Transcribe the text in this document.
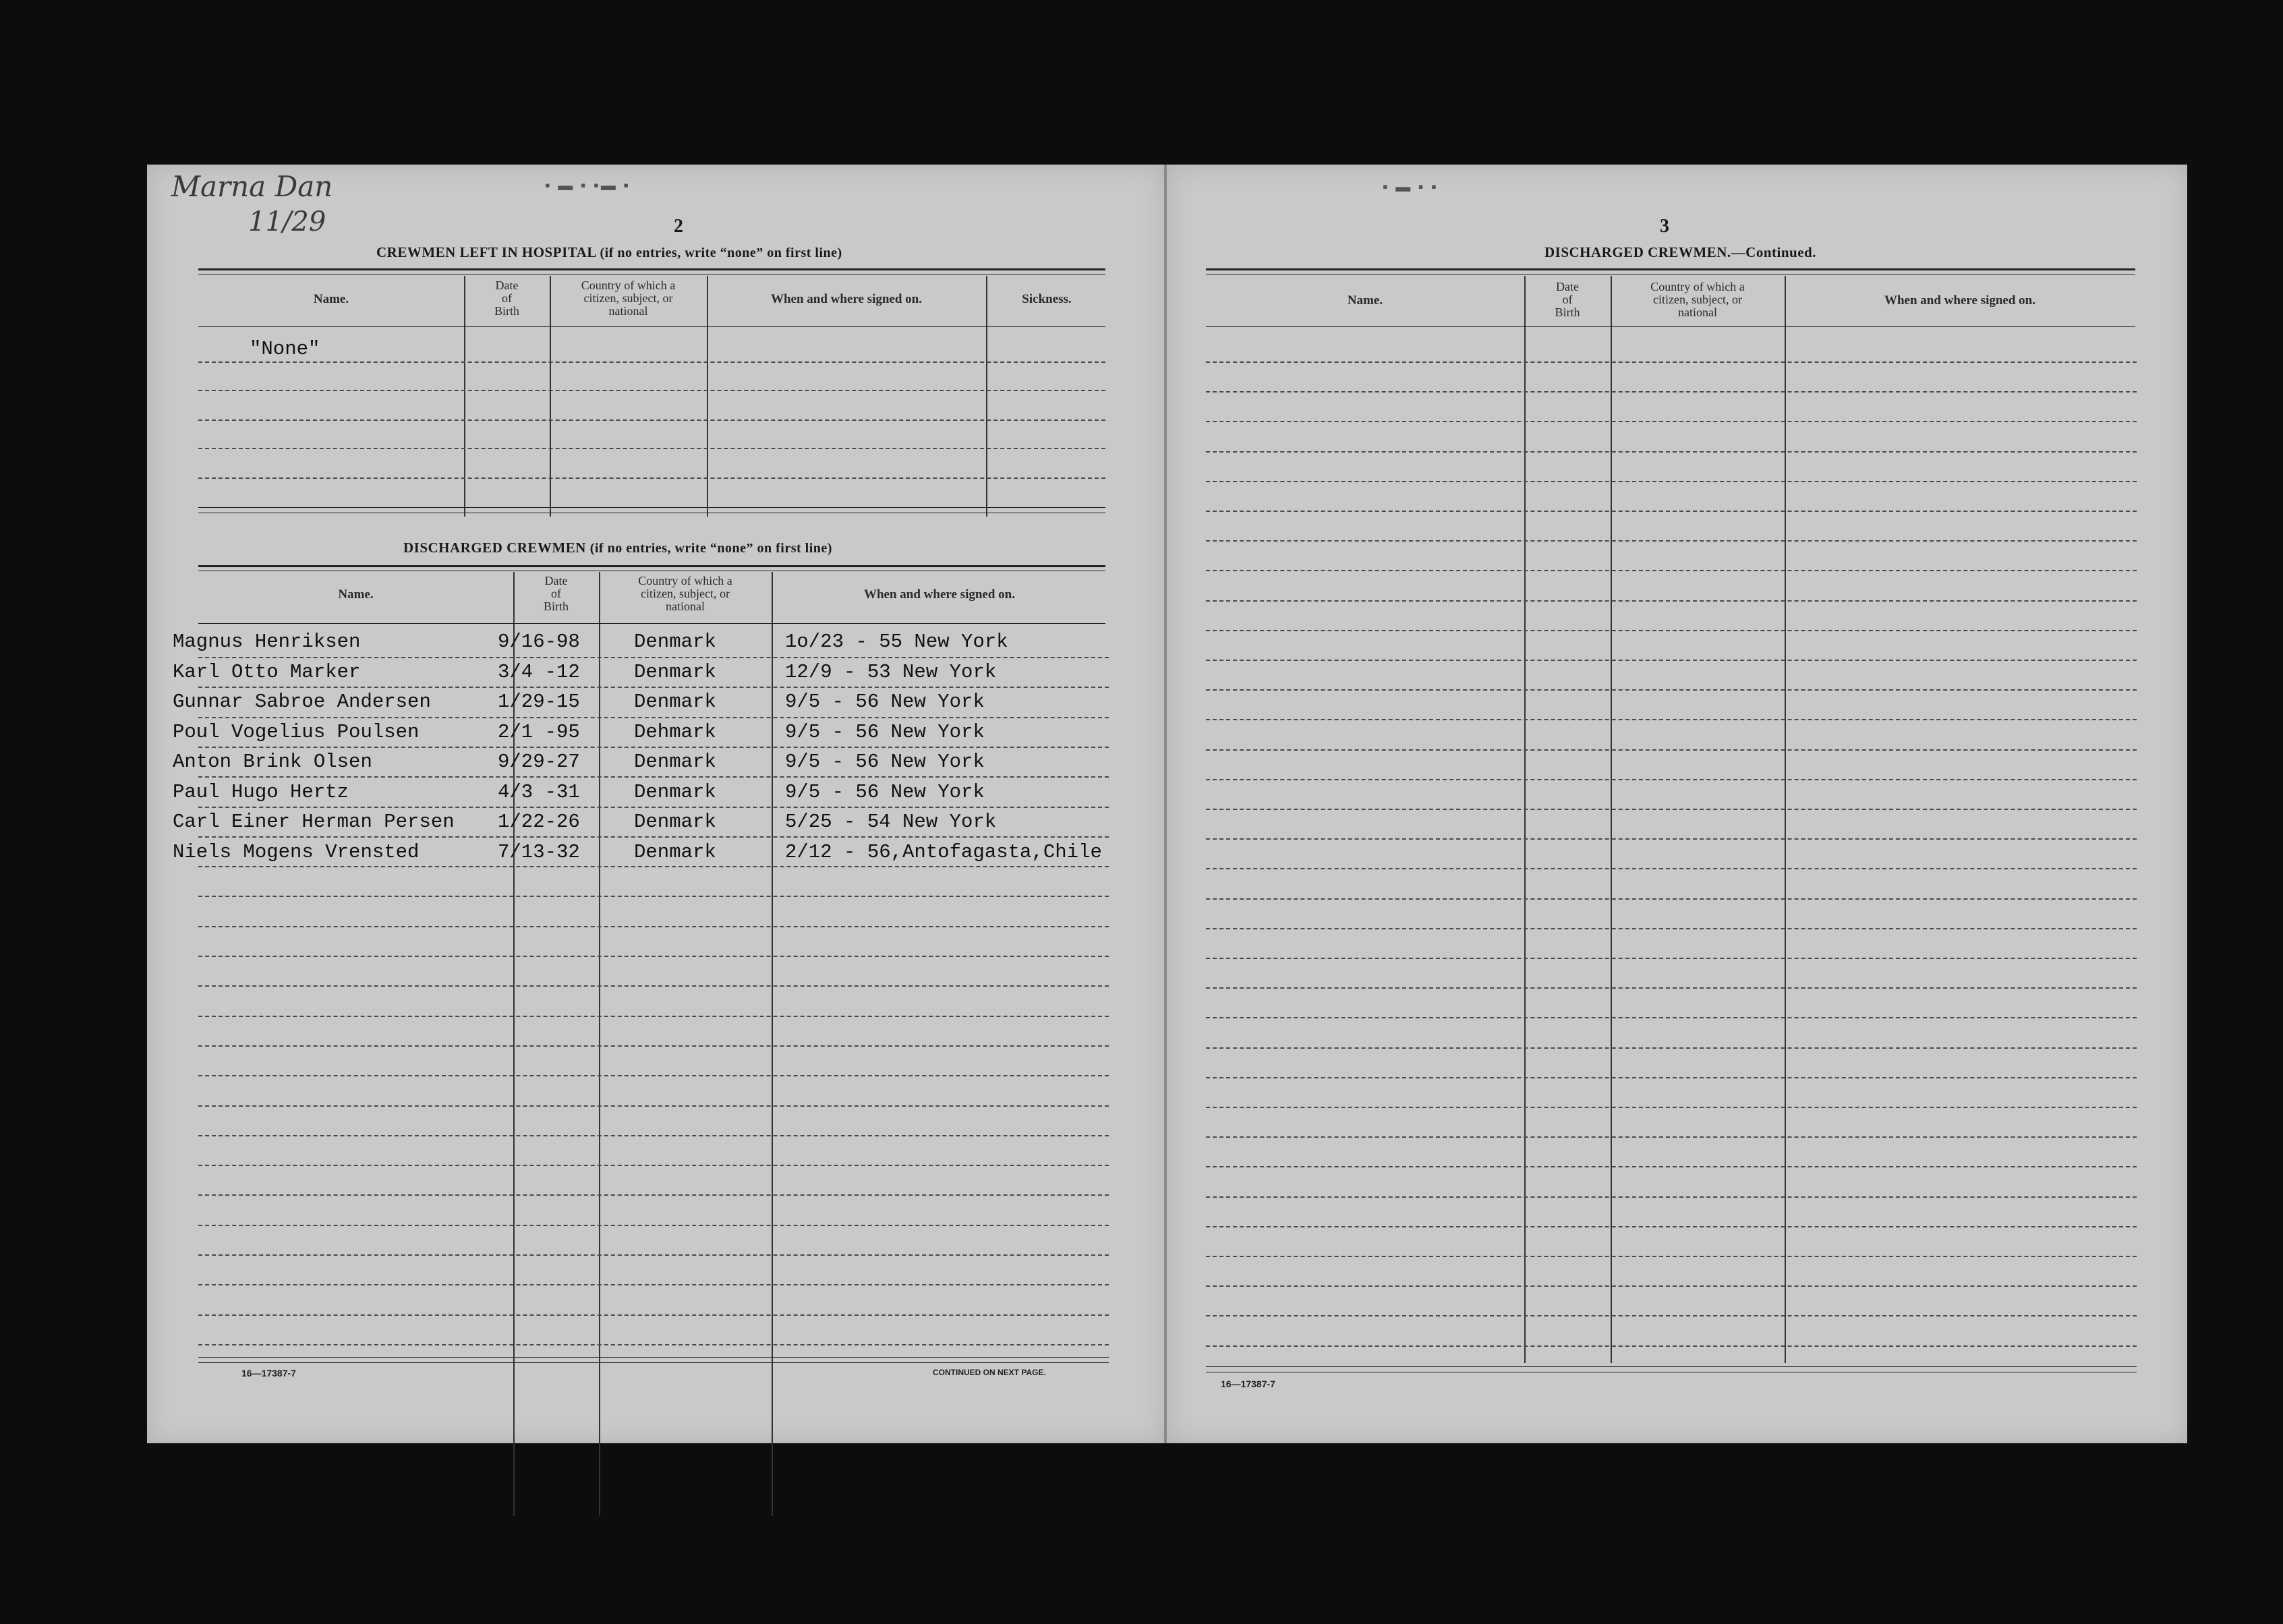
Marna Dan
11/29
▪ ▬ ▪ ▪▬ ▪
2
CREWMEN LEFT IN HOSPITAL (if no entries, write “none” on first line)
Name.
Date
of
Birth
Country of which a
citizen, subject, or
national
When and where signed on.	Sickness.
"None"
DISCHARGED CREWMEN (if no entries, write “none” on first line)
Name.
Date
of
Birth
Country of which a
citizen, subject, or
national
When and where signed on.
Magnus Henriksen	9/16-98	Denmark	1o/23 - 55 New York
Karl Otto Marker	3/4 -12	Denmark	12/9 - 53 New York
Gunnar Sabroe Andersen	1/29-15	Denmark	9/5 - 56 New York
Poul Vogelius Poulsen	2/1 -95	Dehmark	9/5 - 56 New York
Anton Brink Olsen	9/29-27	Denmark	9/5 - 56 New York
Paul Hugo Hertz	4/3 -31	Denmark	9/5 - 56 New York
Carl Einer Herman Persen 1/22-26	Denmark	5/25 - 54 New York
Niels Mogens Vrensted	7/13-32	Denmark	2/12 - 56,Antofagasta,Chile
16—17387-7	CONTINUED ON NEXT PAGE.
▪ ▬ ▪ ▪
3
DISCHARGED CREWMEN.—Continued.
Name.
Date
of
Birth
Country of which a
citizen, subject, or
national
When and where signed on.
16—17387-7
